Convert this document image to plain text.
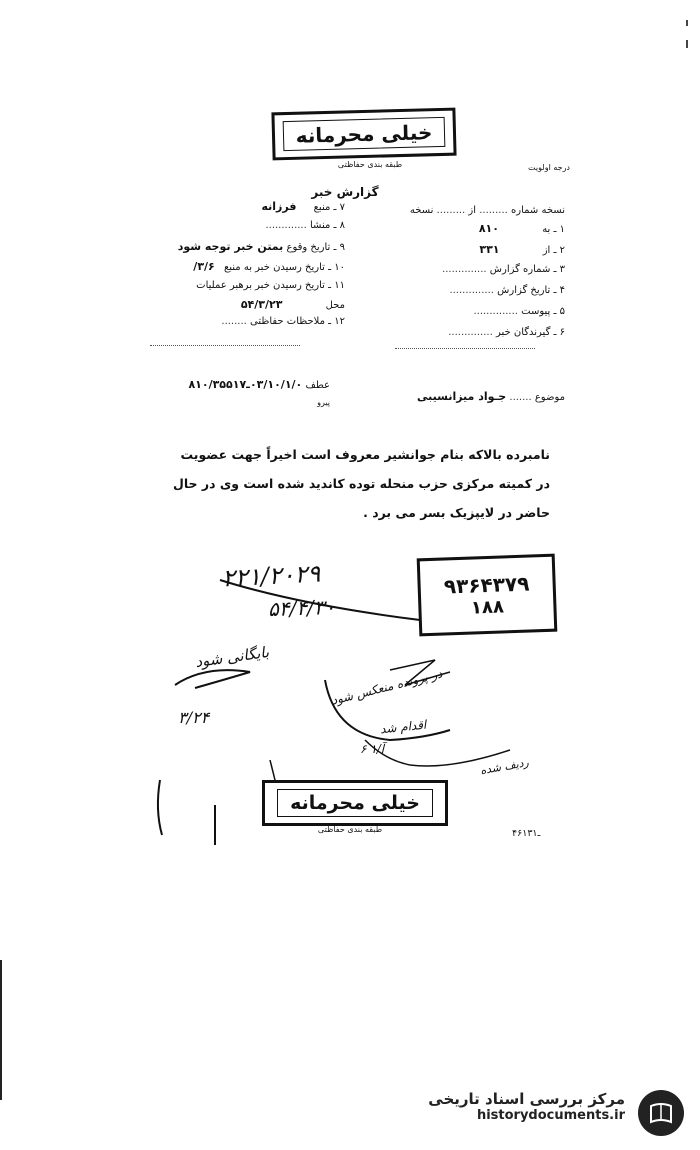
خیلی محرمانه
طبقه بندی حفاظتی	درجه اولویت
گزارش خبر
نسخه شماره ......... از ......... نسخه
۱ ـ به ۸۱۰
۲ ـ از ۳۳۱
۳ ـ شماره گزارش ..............
۴ ـ تاریخ گزارش ..............
۵ ـ پیوست ..............
۶ ـ گیرندگان خبر ..............
۷ ـ منبع فرزانه
۸ ـ منشا .............
۹ ـ تاریخ وقوع بمتن خبر توجه شود
۱۰ ـ تاریخ رسیدن خبر به منبع ۳/۶/
۱۱ ـ تاریخ رسیدن خبر برهبر عملیات
محل ۵۴/۳/۲۳
۱۲ ـ ملاحظات حفاظتی ........
موضوع ....... جـواد میزانسیبی
عطف ۰۳/۱۰/۱/۰ـ۸۱۰/۳۵۵۱۷
پیرو
نامبرده بالاکه بنام جوانشیر معروف است اخیراً جهت عضویت
در کمیته مرکزی حزب منحله توده کاندید شده است وی در حال
حاضر در لایپزیک بسر می برد .
۹۳۶۴۳۷۹
۱۸۸
۲۲۱/۲۰۲۹
۵۴/۴/۳۰
بایگانی شود
۳/۲۴
در پرونده منعکس شود
اقدام شد
۶ آ/۱
ردیف شده
خیلی محرمانه
طبقه بندی حفاظتی	۴۶ـ۱۳۱
مرکز بررسی اسناد تاریخی
historydocuments.ir
